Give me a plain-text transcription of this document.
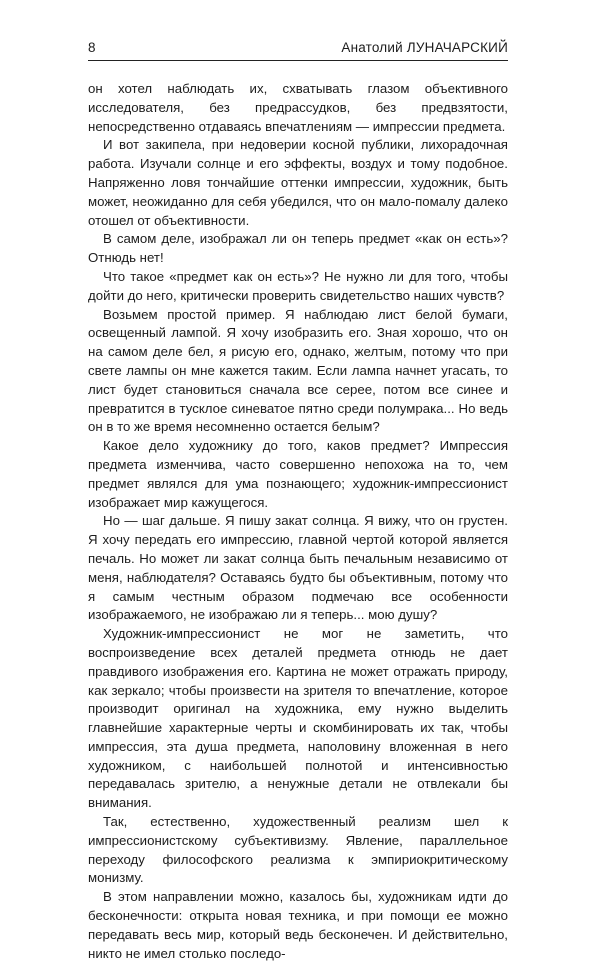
8	Анатолий ЛУНАЧАРСКИЙ

он хотел наблюдать их, схватывать глазом объективного исследователя, без предрассудков, без предвзятости, непосредственно отдаваясь впечатлениям — импрессии предмета.

И вот закипела, при недоверии косной публики, лихорадочная работа. Изучали солнце и его эффекты, воздух и тому подобное. Напряженно ловя тончайшие оттенки импрессии, художник, быть может, неожиданно для себя убедился, что он мало-помалу далеко отошел от объективности.

В самом деле, изображал ли он теперь предмет «как он есть»? Отнюдь нет!

Что такое «предмет как он есть»? Не нужно ли для того, чтобы дойти до него, критически проверить свидетельство наших чувств?

Возьмем простой пример. Я наблюдаю лист белой бумаги, освещенный лампой. Я хочу изобразить его. Зная хорошо, что он на самом деле бел, я рисую его, однако, желтым, потому что при свете лампы он мне кажется таким. Если лампа начнет угасать, то лист будет становиться сначала все серее, потом все синее и превратится в тусклое синеватое пятно среди полумрака... Но ведь он в то же время несомненно остается белым?

Какое дело художнику до того, каков предмет? Импрессия предмета изменчива, часто совершенно непохожа на то, чем предмет являлся для ума познающего; художник-импрессионист изображает мир кажущегося.

Но — шаг дальше. Я пишу закат солнца. Я вижу, что он грустен. Я хочу передать его импрессию, главной чертой которой является печаль. Но может ли закат солнца быть печальным независимо от меня, наблюдателя? Оставаясь будто бы объективным, потому что я самым честным образом подмечаю все особенности изображаемого, не изображаю ли я теперь... мою душу?

Художник-импрессионист не мог не заметить, что воспроизведение всех деталей предмета отнюдь не дает правдивого изображения его. Картина не может отражать природу, как зеркало; чтобы произвести на зрителя то впечатление, которое производит оригинал на художника, ему нужно выделить главнейшие характерные черты и скомбинировать их так, чтобы импрессия, эта душа предмета, наполовину вложенная в него художником, с наибольшей полнотой и интенсивностью передавалась зрителю, а ненужные детали не отвлекали бы внимания.

Так, естественно, художественный реализм шел к импрессионистскому субъективизму. Явление, параллельное переходу философского реализма к эмпириокритическому монизму.

В этом направлении можно, казалось бы, художникам идти до бесконечности: открыта новая техника, и при помощи ее можно передавать весь мир, который ведь бесконечен. И действительно, никто не имел столько последо-
